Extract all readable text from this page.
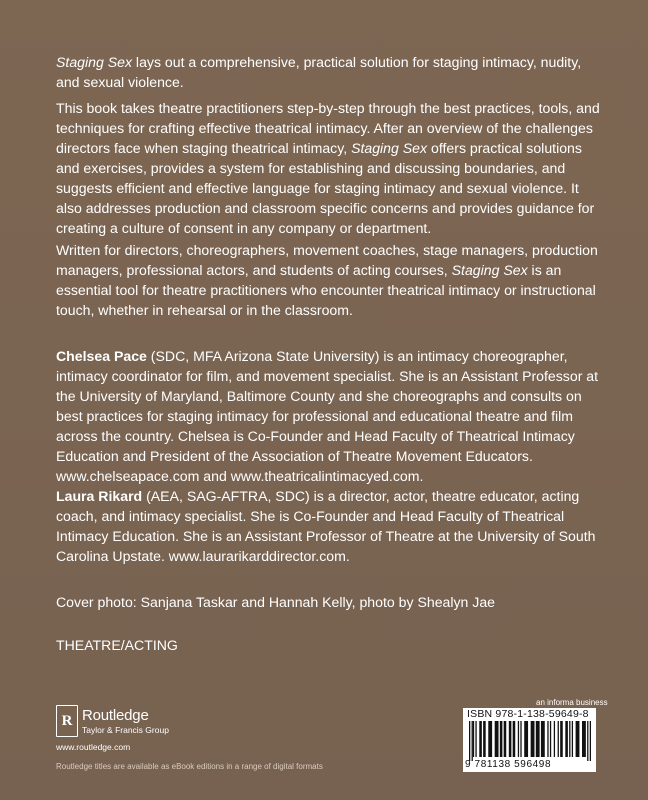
Staging Sex lays out a comprehensive, practical solution for staging intimacy, nudity, and sexual violence.

This book takes theatre practitioners step-by-step through the best practices, tools, and techniques for crafting effective theatrical intimacy. After an overview of the challenges directors face when staging theatrical intimacy, Staging Sex offers practical solutions and exercises, provides a system for establishing and discussing boundaries, and suggests efficient and effective language for staging intimacy and sexual violence. It also addresses production and classroom specific concerns and provides guidance for creating a culture of consent in any company or department.

Written for directors, choreographers, movement coaches, stage managers, production managers, professional actors, and students of acting courses, Staging Sex is an essential tool for theatre practitioners who encounter theatrical intimacy or instructional touch, whether in rehearsal or in the classroom.

Chelsea Pace (SDC, MFA Arizona State University) is an intimacy choreographer, intimacy coordinator for film, and movement specialist. She is an Assistant Professor at the University of Maryland, Baltimore County and she choreographs and consults on best practices for staging intimacy for professional and educational theatre and film across the country. Chelsea is Co-Founder and Head Faculty of Theatrical Intimacy Education and President of the Association of Theatre Movement Educators. www.chelseapace.com and www.theatricalintimacyed.com.

Laura Rikard (AEA, SAG-AFTRA, SDC) is a director, actor, theatre educator, acting coach, and intimacy specialist. She is Co-Founder and Head Faculty of Theatrical Intimacy Education. She is an Assistant Professor of Theatre at the University of South Carolina Upstate. www.laurarikarddirector.com.

Cover photo: Sanjana Taskar and Hannah Kelly, photo by Shealyn Jae
THEATRE/ACTING
R Routledge
Taylor & Francis Group
www.routledge.com
Routledge titles are available as eBook editions in a range of digital formats
an informa business
ISBN 978-1-138-59649-8
9 781138 596498
